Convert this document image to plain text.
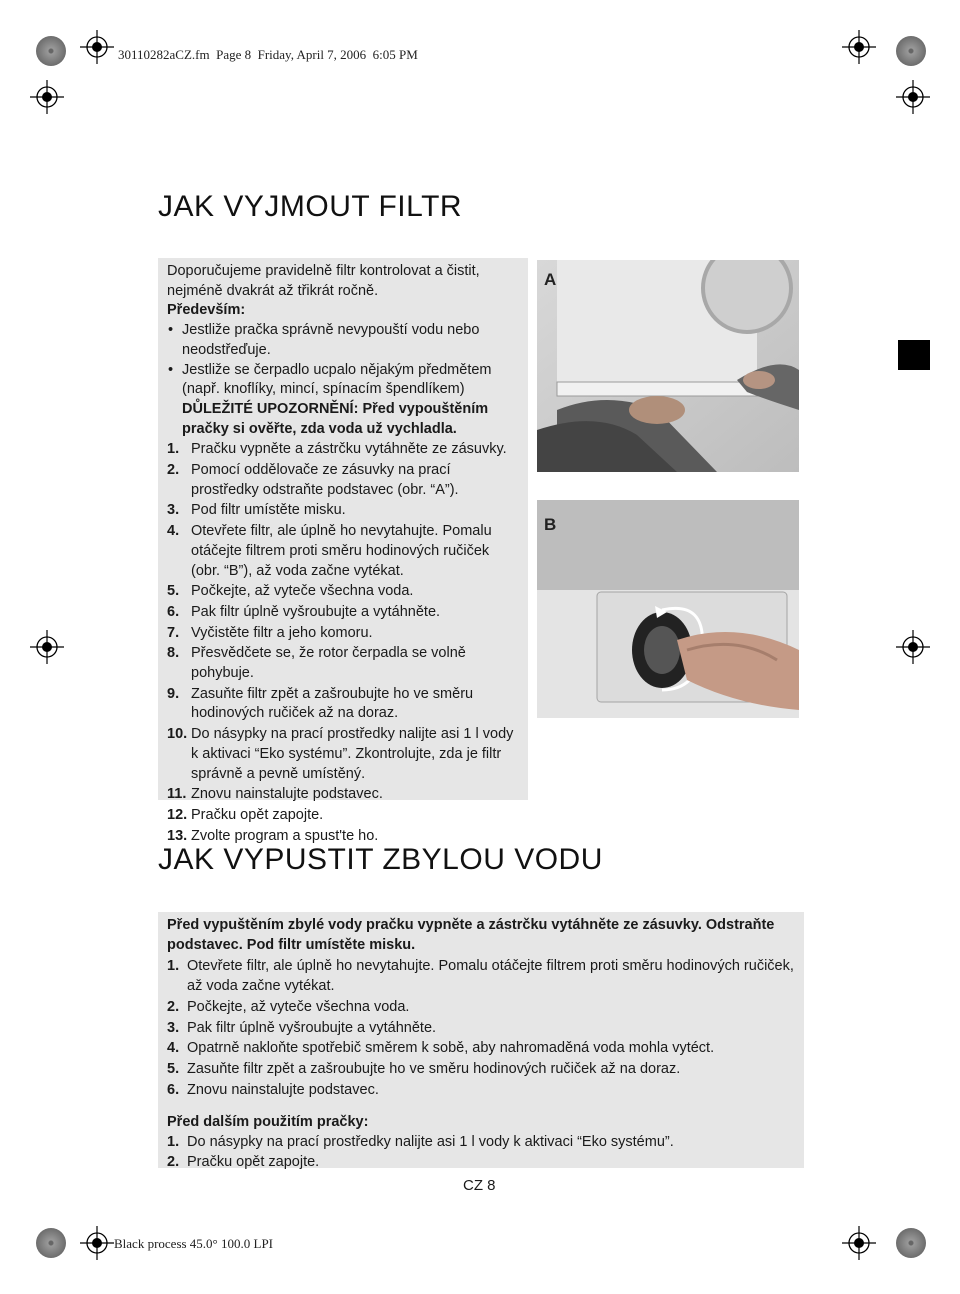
30110282aCZ.fm  Page 8  Friday, April 7, 2006  6:05 PM
Black process 45.0° 100.0 LPI
JAK VYJMOUT FILTR

Doporučujeme pravidelně filtr kontrolovat a čistit, nejméně dvakrát až třikrát ročně.

Především:

• Jestliže pračka správně nevypouští vodu nebo neodstřeďuje.
• Jestliže se čerpadlo ucpalo nějakým předmětem (např. knoflíky, mincí, spínacím špendlíkem)

DŮLEŽITÉ UPOZORNĚNÍ: Před vypouštěním pračky si ověřte, zda voda už vychladla.

1. Pračku vypněte a zástrčku vytáhněte ze zásuvky.
2. Pomocí oddělovače ze zásuvky na prací prostředky odstraňte podstavec (obr. “A”).
3. Pod filtr umístěte misku.
4. Otevřete filtr, ale úplně ho nevytahujte. Pomalu otáčejte filtrem proti směru hodinových ručiček (obr. “B”), až voda začne vytékat.
5. Počkejte, až vyteče všechna voda.
6. Pak filtr úplně vyšroubujte a vytáhněte.
7. Vyčistěte filtr a jeho komoru.
8. Přesvědčete se, že rotor čerpadla se volně pohybuje.
9. Zasuňte filtr zpět a zašroubujte ho ve směru hodinových ručiček až na doraz.
10. Do násypky na prací prostředky nalijte asi 1 l vody k aktivaci “Eko systému”. Zkontrolujte, zda je filtr správně a pevně umístěný.
11. Znovu nainstalujte podstavec.
12. Pračku opět zapojte.
13. Zvolte program a spust'te ho.
A
B
JAK VYPUSTIT ZBYLOU VODU

Před vypuštěním zbylé vody pračku vypněte a zástrčku vytáhněte ze zásuvky. Odstraňte podstavec. Pod filtr umístěte misku.

1. Otevřete filtr, ale úplně ho nevytahujte. Pomalu otáčejte filtrem proti směru hodinových ručiček, až voda začne vytékat.
2. Počkejte, až vyteče všechna voda.
3. Pak filtr úplně vyšroubujte a vytáhněte.
4. Opatrně nakloňte spotřebič směrem k sobě, aby nahromaděná voda mohla vytéct.
5. Zasuňte filtr zpět a zašroubujte ho ve směru hodinových ručiček až na doraz.
6. Znovu nainstalujte podstavec.

Před dalším použitím pračky:

1. Do násypky na prací prostředky nalijte asi 1 l vody k aktivaci “Eko systému”.
2. Pračku opět zapojte.
CZ 8
